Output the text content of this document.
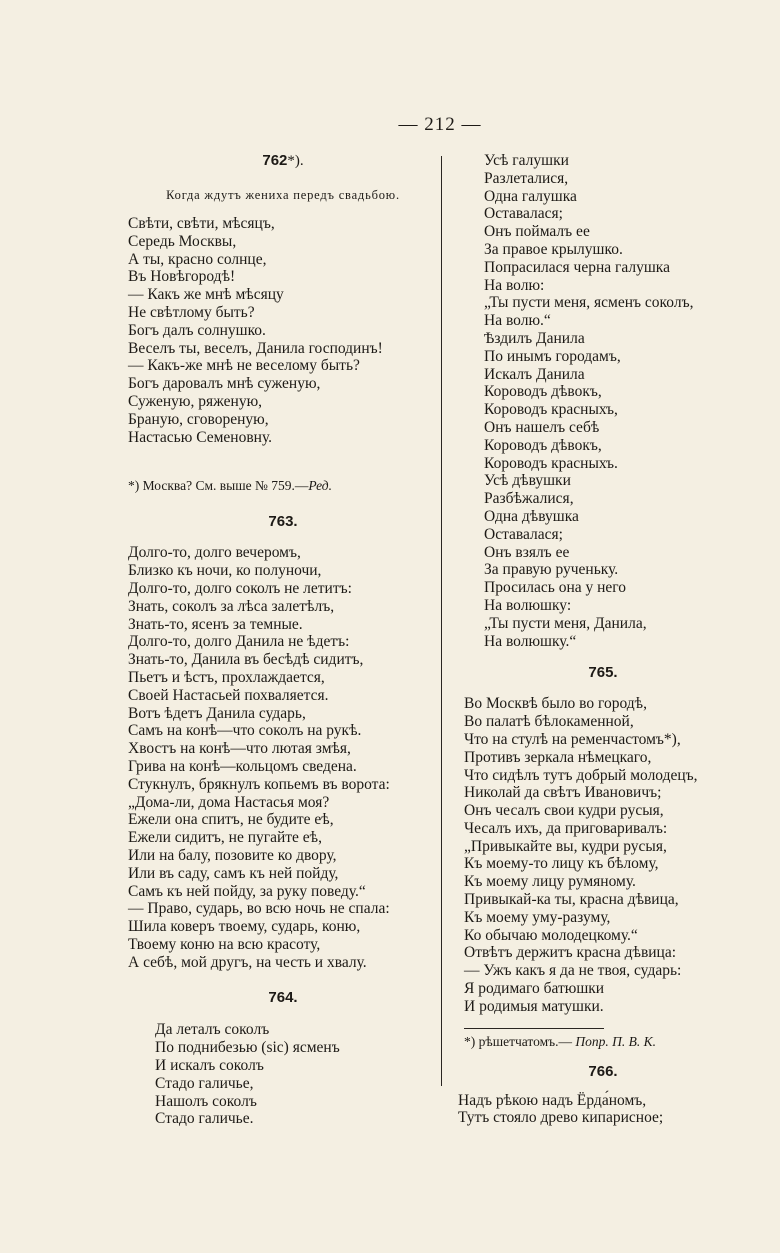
— 212 —
762*).
Когда ждутъ жениха передъ свадьбою.
Свѣти, свѣти, мѣсяцъ,
Середь Москвы,
А ты, красно солнце,
Въ Новѣгородѣ!
— Какъ же мнѣ мѣсяцу
Не свѣтлому быть?
Богъ далъ солнушко.
Веселъ ты, веселъ, Данила господинъ!
— Какъ-же мнѣ не веселому быть?
Богъ даровалъ мнѣ суженую,
Суженую, ряженую,
Браную, сговореную,
Настасью Семеновну.
*) Москва? См. выше № 759.—Ред.
763.
Долго-то, долго вечеромъ,
Близко къ ночи, ко полуночи,
Долго-то, долго соколъ не летитъ:
Знать, соколъ за лѣса залетѣлъ,
Знать-то, ясенъ за темные.
Долго-то, долго Данила не ѣдетъ:
Знать-то, Данила въ бесѣдѣ сидитъ,
Пьетъ и ѣстъ, прохлаждается,
Своей Настасьей похваляется.
Вотъ ѣдетъ Данила сударь,
Самъ на конѣ—что соколъ на рукѣ.
Хвостъ на конѣ—что лютая змѣя,
Грива на конѣ—кольцомъ сведена.
Стукнулъ, брякнулъ копьемъ въ ворота:
„Дома-ли, дома Настасья моя?
Ежели она спитъ, не будите еѣ,
Ежели сидитъ, не пугайте еѣ,
Или на балу, позовите ко двору,
Или въ саду, самъ къ ней пойду,
Самъ къ ней пойду, за руку поведу.“
— Право, сударь, во всю ночь не спала:
Шила коверъ твоему, сударь, коню,
Твоему коню на всю красоту,
А себѣ, мой другъ, на честь и хвалу.
764.
Да леталъ соколъ
По поднибезью (sic) ясменъ
И искалъ соколъ
Стадо галичье,
Нашолъ соколъ
Стадо галичье.
Усѣ галушки
Разлеталися,
Одна галушка
Оставалася;
Онъ поймалъ ее
За правое крылушко.
Попрасилася черна галушка
На волю:
„Ты пусти меня, ясменъ соколъ,
На волю.“
Ѣздилъ Данила
По инымъ городамъ,
Искалъ Данила
Короводъ дѣвокъ,
Короводъ красныхъ,
Онъ нашелъ себѣ
Короводъ дѣвокъ,
Короводъ красныхъ.
Усѣ дѣвушки
Разбѣжалися,
Одна дѣвушка
Оставалася;
Онъ взялъ ее
За правую рученьку.
Просилась она у него
На волюшку:
„Ты пусти меня, Данила,
На волюшку.“
765.
Во Москвѣ было во городѣ,
Во палатѣ бѣлокаменной,
Что на стулѣ на ременчастомъ*),
Противъ зеркала нѣмецкаго,
Что сидѣлъ тутъ добрый молодецъ,
Николай да свѣтъ Ивановичъ;
Онъ чесалъ свои кудри русыя,
Чесалъ ихъ, да приговаривалъ:
„Привыкайте вы, кудри русыя,
Къ моему-то лицу къ бѣлому,
Къ моему лицу румяному.
Привыкай-ка ты, красна дѣвица,
Къ моему уму-разуму,
Ко обычаю молодецкому.“
Отвѣтъ держитъ красна дѣвица:
— Ужъ какъ я да не твоя, сударь:
Я родимаго батюшки
И родимыя матушки.
*) рѣшетчатомъ.— Попр. П. В. К.
766.
Надъ рѣкою надъ Ёрда́номъ,
Тутъ стояло древо кипарисное;
